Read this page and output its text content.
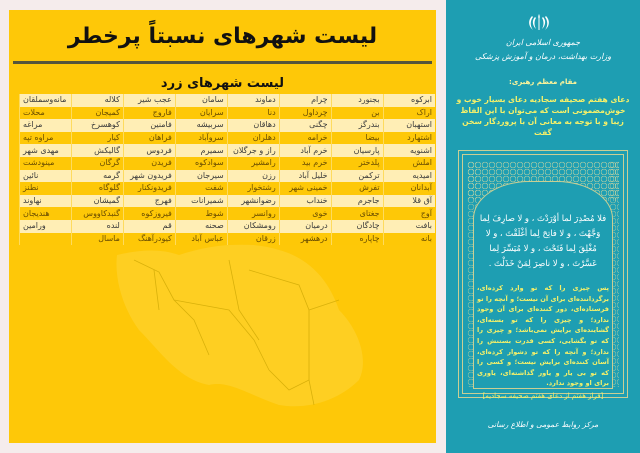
لیست شهرهای نسبتاً پرخطر
لیست شهرهای زرد
ابرکوه	بجنورد	چرام	دماوند	سامان	عجب شیر	کلاله	مانه‌وسملقان
اراک	بن	چرداول	دنا	سرایان	فاروج	کمیجان	محلات
استهبان	بندرگز	چگنی	دهاقان	سربیشه	فامنین	کوهسرخ	مراغه
اشتهارد	بیضا	خرامه	دهلران	سروآباد	فراهان	کیار	مراوه تپه
اشنویه	پارسیان	خرم آباد	راز و جرگلان	سمیرم	فردوس	گالیکش	مهدی شهر
املش	پلدختر	خرم بید	رامشیر	سوادکوه	فریدن	گرگان	مینودشت
امیدیه	ترکمن	خلیل آباد	رزن	سیرجان	فریدون شهر	گرمه	نائین
آبدانان	تفرش	خمینی شهر	رشتخوار	شفت	فریدونکنار	گلوگاه	نطنز
آق قلا	جاجرم	خنداب	رضوانشهر	شمیرانات	فهرج	گمیشان	نهاوند
آوج	جغتای	خوی	روانسر	شوط	فیروزکوه	گنبدکاووس	هندیجان
بافت	چادگان	درمیان	رومشکان	صحنه	قم	لنده	ورامین
بانه	چاپاره	درهشهر	زرقان	عباس آباد	کیودرآهنگ	ماسال	
جمهوری اسلامی ایران
وزارت بهداشت، درمان و آموزش پزشکی
مقام معظم رهبری:
دعای هفتم صحیفه سجادیه دعای بسیار خوب و خوش‌مضمونی است که می‌توان با این الفاظ زیبا و با توجه به معانی آن با پروردگار سخن گفت
فلا مُصْدِرَ لما أوْرَدْتَ ، و لا صارِفَ لِما وَجَّهْتَ ، و لا فاتِحَ لِما أغْلَقْتَ ، و لا مُغْلِقَ لِما فَتَحْتَ ، و لا مُيَسِّرَ لِما عَسَّرْتَ ، و لا ناصِرَ لِمَنْ خَذَلْتَ .
پس چیزی را که تو وارد کرده‌ای، برگرداننده‌ای برای آن نیست؛ و آنچه را تو فرستاده‌ای، دور کننده‌ای برای آن وجود ندارد؛ و چیزی را که تو بسته‌ای، گشاینده‌ای برایش نمی‌باشد؛ و چیزی را که تو بگشایی، کسی قدرت بستنش را ندارد؛ و آنچه را که تو دشوار کرده‌ای، آسان کننده‌ای برایش نیست؛ و کسی را که تو بی یار و یاور گذاشته‌ای، یاوری برای او وجود ندارد.
[فراز هفتم از دعای هفتم صحیفه سجادیه]
مرکز روابط عمومی و اطلاع رسانی
